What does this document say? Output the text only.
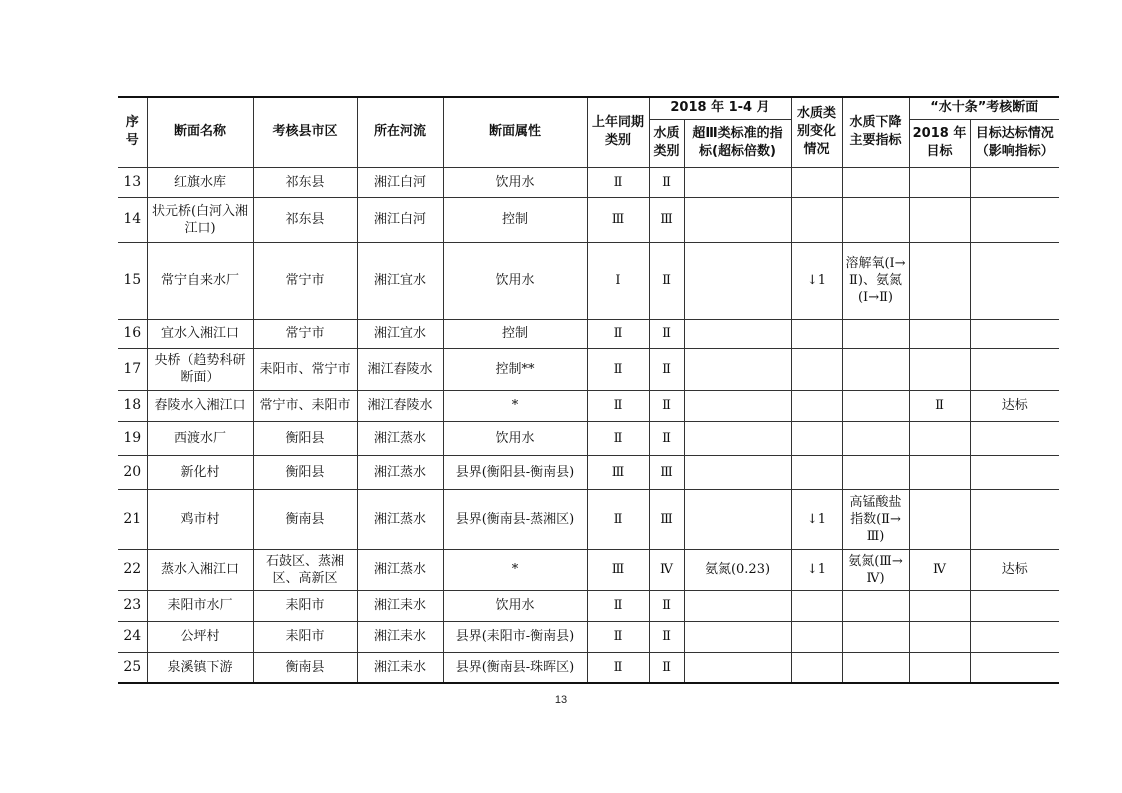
序号	断面名称	考核县市区	所在河流	断面属性	上年同期类别	2018 年 1-4 月		水质类别变化情况	水质下降主要指标	“水十条”考核断面	
						水质类别	超Ⅲ类标准的指标(超标倍数)			2018 年目标	目标达标情况（影响指标）

13	红旗水库	祁东县	湘江白河	饮用水	Ⅱ	Ⅱ					

14	状元桥(白河入湘江口)	祁东县	湘江白河	控制	Ⅲ	Ⅲ					

15	常宁自来水厂	常宁市	湘江宜水	饮用水	Ⅰ	Ⅱ		↓1	溶解氧(Ⅰ→Ⅱ)、氨氮(Ⅰ→Ⅱ)		

16	宜水入湘江口	常宁市	湘江宜水	控制	Ⅱ	Ⅱ					

17	央桥（趋势科研断面）	耒阳市、常宁市	湘江舂陵水	控制**	Ⅱ	Ⅱ					

18	舂陵水入湘江口	常宁市、耒阳市	湘江舂陵水	*	Ⅱ	Ⅱ				Ⅱ	达标

19	西渡水厂	衡阳县	湘江蒸水	饮用水	Ⅱ	Ⅱ					

20	新化村	衡阳县	湘江蒸水	县界(衡阳县-衡南县)	Ⅲ	Ⅲ					

21	鸡市村	衡南县	湘江蒸水	县界(衡南县-蒸湘区)	Ⅱ	Ⅲ		↓1	高锰酸盐指数(Ⅱ→Ⅲ)		

22	蒸水入湘江口	石鼓区、蒸湘区、高新区	湘江蒸水	*	Ⅲ	Ⅳ	氨氮(0.23)	↓1	氨氮(Ⅲ→Ⅳ)	Ⅳ	达标

23	耒阳市水厂	耒阳市	湘江耒水	饮用水	Ⅱ	Ⅱ					

24	公坪村	耒阳市	湘江耒水	县界(耒阳市-衡南县)	Ⅱ	Ⅱ					

25	泉溪镇下游	衡南县	湘江耒水	县界(衡南县-珠晖区)	Ⅱ	Ⅱ					

13
